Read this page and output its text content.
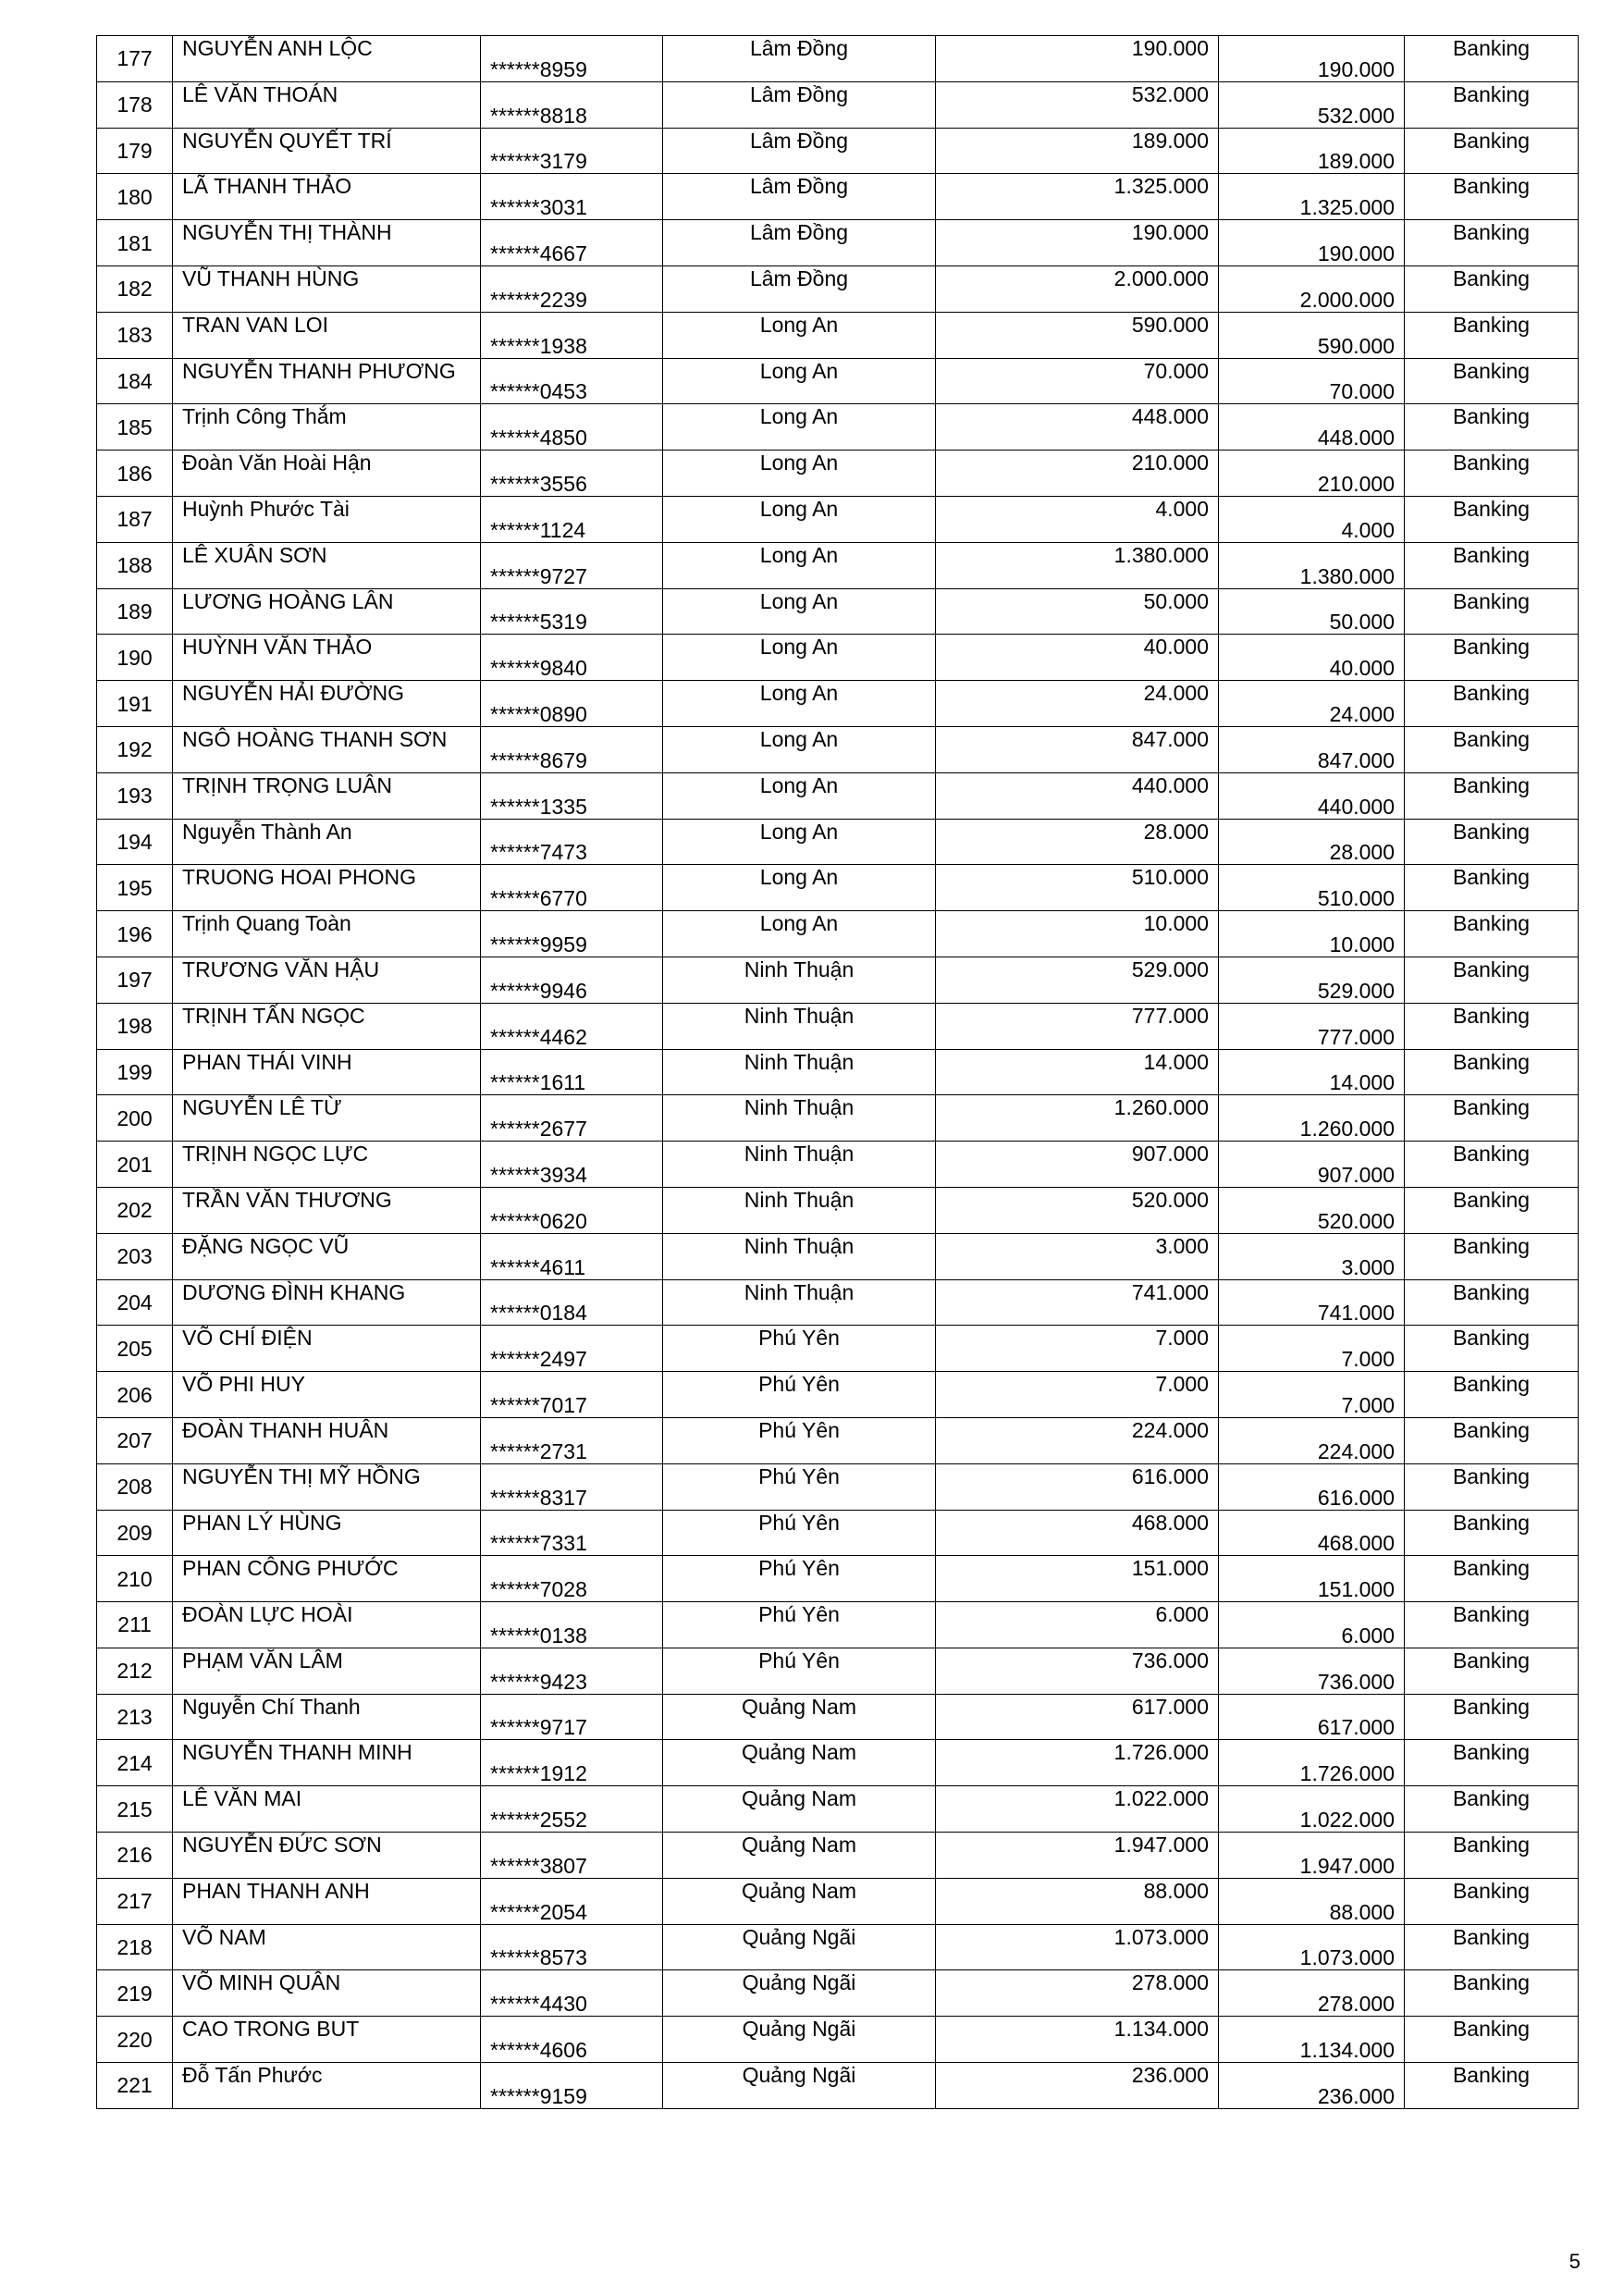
177	NGUYỄN ANH LỘC	******8959	Lâm Đồng	190.000	190.000	Banking
178	LÊ VĂN THOÁN	******8818	Lâm Đồng	532.000	532.000	Banking
179	NGUYỄN QUYẾT TRÍ	******3179	Lâm Đồng	189.000	189.000	Banking
180	LÃ THANH THẢO	******3031	Lâm Đồng	1.325.000	1.325.000	Banking
181	NGUYỄN THỊ THÀNH	******4667	Lâm Đồng	190.000	190.000	Banking
182	VŨ THANH HÙNG	******2239	Lâm Đồng	2.000.000	2.000.000	Banking
183	TRAN VAN LOI	******1938	Long An	590.000	590.000	Banking
184	NGUYỄN THANH PHƯƠNG	******0453	Long An	70.000	70.000	Banking
185	Trịnh Công Thắm	******4850	Long An	448.000	448.000	Banking
186	Đoàn Văn Hoài Hận	******3556	Long An	210.000	210.000	Banking
187	Huỳnh Phước Tài	******1124	Long An	4.000	4.000	Banking
188	LÊ XUÂN SƠN	******9727	Long An	1.380.000	1.380.000	Banking
189	LƯƠNG HOÀNG LÂN	******5319	Long An	50.000	50.000	Banking
190	HUỲNH VĂN THẢO	******9840	Long An	40.000	40.000	Banking
191	NGUYỄN HẢI ĐƯỜNG	******0890	Long An	24.000	24.000	Banking
192	NGÔ HOÀNG THANH SƠN	******8679	Long An	847.000	847.000	Banking
193	TRỊNH TRỌNG LUÂN	******1335	Long An	440.000	440.000	Banking
194	Nguyễn Thành An	******7473	Long An	28.000	28.000	Banking
195	TRUONG HOAI PHONG	******6770	Long An	510.000	510.000	Banking
196	Trịnh Quang Toàn	******9959	Long An	10.000	10.000	Banking
197	TRƯƠNG VĂN HẬU	******9946	Ninh Thuận	529.000	529.000	Banking
198	TRỊNH TẤN NGỌC	******4462	Ninh Thuận	777.000	777.000	Banking
199	PHAN THÁI VINH	******1611	Ninh Thuận	14.000	14.000	Banking
200	NGUYỄN LÊ TỪ	******2677	Ninh Thuận	1.260.000	1.260.000	Banking
201	TRỊNH NGỌC LỰC	******3934	Ninh Thuận	907.000	907.000	Banking
202	TRẦN VĂN THƯƠNG	******0620	Ninh Thuận	520.000	520.000	Banking
203	ĐẶNG NGỌC VŨ	******4611	Ninh Thuận	3.000	3.000	Banking
204	DƯƠNG ĐÌNH KHANG	******0184	Ninh Thuận	741.000	741.000	Banking
205	VÕ CHÍ ĐIỆN	******2497	Phú Yên	7.000	7.000	Banking
206	VÕ PHI HUY	******7017	Phú Yên	7.000	7.000	Banking
207	ĐOÀN THANH HUÂN	******2731	Phú Yên	224.000	224.000	Banking
208	NGUYỄN THỊ MỸ HỒNG	******8317	Phú Yên	616.000	616.000	Banking
209	PHAN LÝ HÙNG	******7331	Phú Yên	468.000	468.000	Banking
210	PHAN CÔNG PHƯỚC	******7028	Phú Yên	151.000	151.000	Banking
211	ĐOÀN LỰC HOÀI	******0138	Phú Yên	6.000	6.000	Banking
212	PHẠM VĂN LÂM	******9423	Phú Yên	736.000	736.000	Banking
213	Nguyễn Chí Thanh	******9717	Quảng Nam	617.000	617.000	Banking
214	NGUYỄN THANH MINH	******1912	Quảng Nam	1.726.000	1.726.000	Banking
215	LÊ VĂN MAI	******2552	Quảng Nam	1.022.000	1.022.000	Banking
216	NGUYỄN ĐỨC SƠN	******3807	Quảng Nam	1.947.000	1.947.000	Banking
217	PHAN THANH ANH	******2054	Quảng Nam	88.000	88.000	Banking
218	VÕ NAM	******8573	Quảng Ngãi	1.073.000	1.073.000	Banking
219	VÕ MINH QUÂN	******4430	Quảng Ngãi	278.000	278.000	Banking
220	CAO TRONG BUT	******4606	Quảng Ngãi	1.134.000	1.134.000	Banking
221	Đỗ Tấn Phước	******9159	Quảng Ngãi	236.000	236.000	Banking
5
